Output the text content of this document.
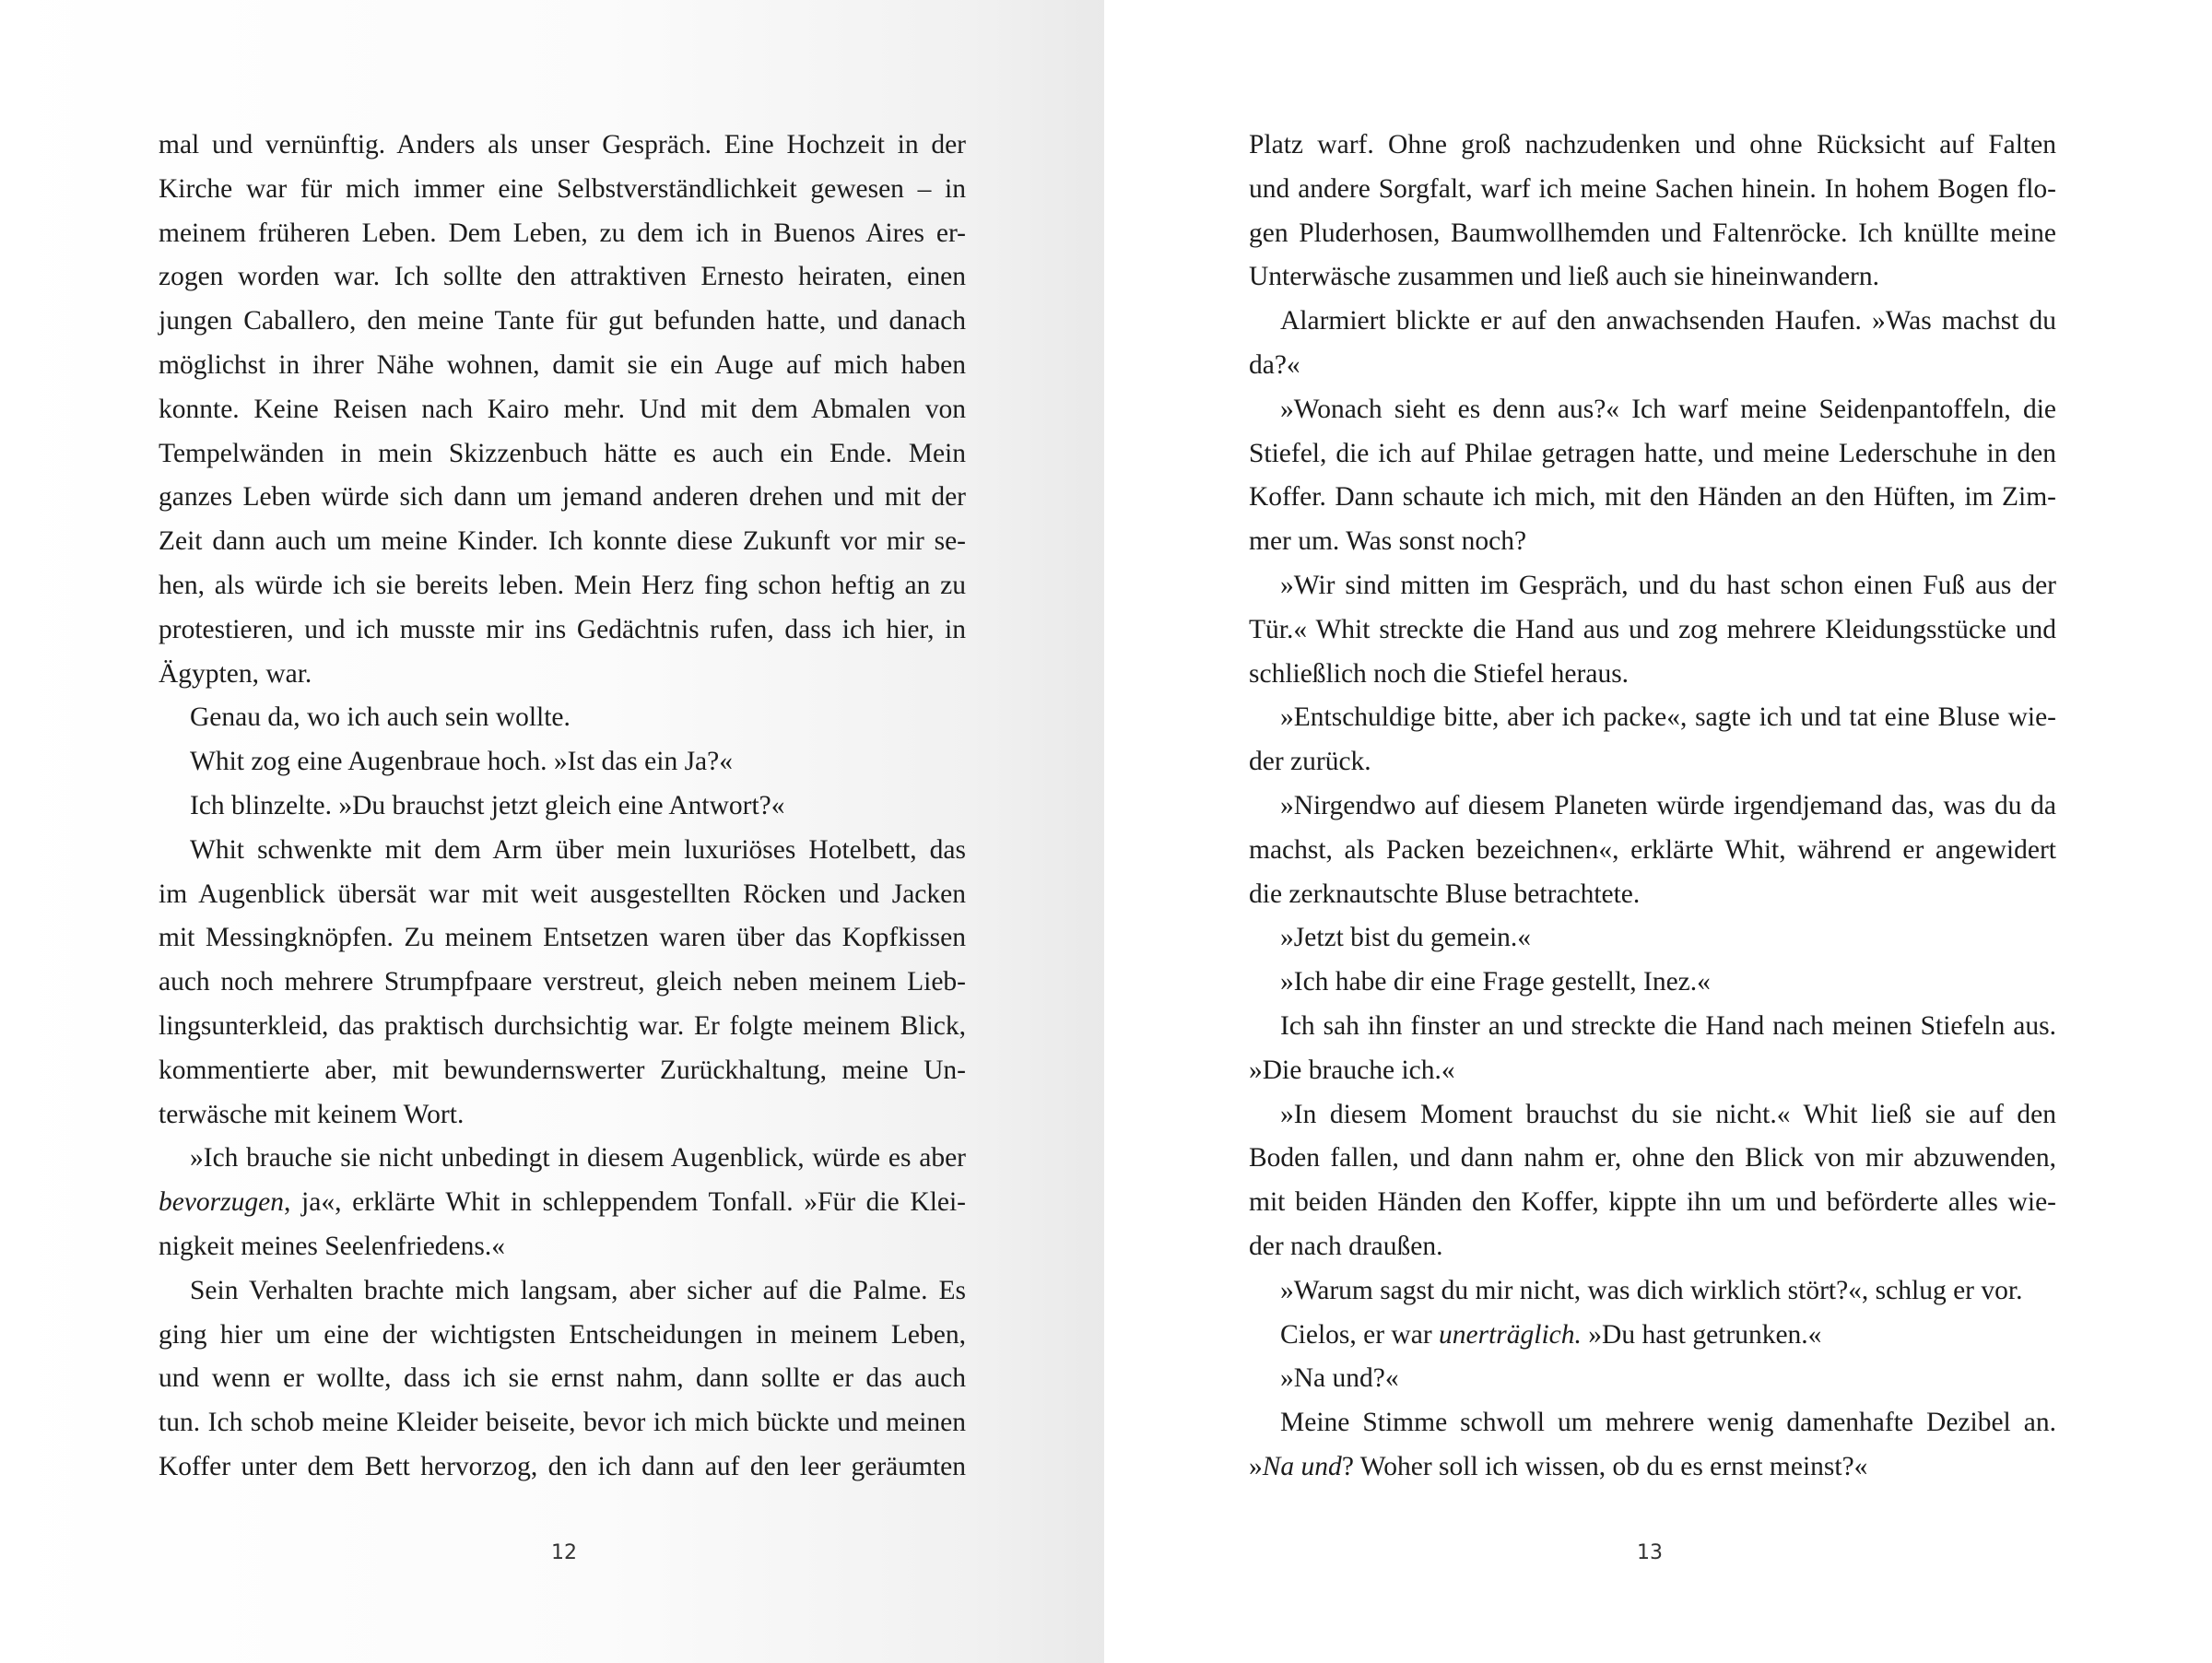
mal und vernünftig. Anders als unser Gespräch. Eine Hochzeit in der
Kirche war für mich immer eine Selbstverständlichkeit gewesen – in
meinem früheren Leben. Dem Leben, zu dem ich in Buenos Aires er-
zogen worden war. Ich sollte den attraktiven Ernesto heiraten, einen
jungen Caballero, den meine Tante für gut befunden hatte, und danach
möglichst in ihrer Nähe wohnen, damit sie ein Auge auf mich haben
konnte. Keine Reisen nach Kairo mehr. Und mit dem Abmalen von
Tempelwänden in mein Skizzenbuch hätte es auch ein Ende. Mein
ganzes Leben würde sich dann um jemand anderen drehen und mit der
Zeit dann auch um meine Kinder. Ich konnte diese Zukunft vor mir se-
hen, als würde ich sie bereits leben. Mein Herz fing schon heftig an zu
protestieren, und ich musste mir ins Gedächtnis rufen, dass ich hier, in
Ägypten, war.
Genau da, wo ich auch sein wollte.
Whit zog eine Augenbraue hoch. »Ist das ein Ja?«
Ich blinzelte. »Du brauchst jetzt gleich eine Antwort?«
Whit schwenkte mit dem Arm über mein luxuriöses Hotelbett, das
im Augenblick übersät war mit weit ausgestellten Röcken und Jacken
mit Messingknöpfen. Zu meinem Entsetzen waren über das Kopfkissen
auch noch mehrere Strumpfpaare verstreut, gleich neben meinem Lieb-
lingsunterkleid, das praktisch durchsichtig war. Er folgte meinem Blick,
kommentierte aber, mit bewundernswerter Zurückhaltung, meine Un-
terwäsche mit keinem Wort.
»Ich brauche sie nicht unbedingt in diesem Augenblick, würde es aber
bevorzugen, ja«, erklärte Whit in schleppendem Tonfall. »Für die Klei-
nigkeit meines Seelenfriedens.«
Sein Verhalten brachte mich langsam, aber sicher auf die Palme. Es
ging hier um eine der wichtigsten Entscheidungen in meinem Leben,
und wenn er wollte, dass ich sie ernst nahm, dann sollte er das auch
tun. Ich schob meine Kleider beiseite, bevor ich mich bückte und meinen
Koffer unter dem Bett hervorzog, den ich dann auf den leer geräumten
12
Platz warf. Ohne groß nachzudenken und ohne Rücksicht auf Falten
und andere Sorgfalt, warf ich meine Sachen hinein. In hohem Bogen flo-
gen Pluderhosen, Baumwollhemden und Faltenröcke. Ich knüllte meine
Unterwäsche zusammen und ließ auch sie hineinwandern.
Alarmiert blickte er auf den anwachsenden Haufen. »Was machst du
da?«
»Wonach sieht es denn aus?« Ich warf meine Seidenpantoffeln, die
Stiefel, die ich auf Philae getragen hatte, und meine Lederschuhe in den
Koffer. Dann schaute ich mich, mit den Händen an den Hüften, im Zim-
mer um. Was sonst noch?
»Wir sind mitten im Gespräch, und du hast schon einen Fuß aus der
Tür.« Whit streckte die Hand aus und zog mehrere Kleidungsstücke und
schließlich noch die Stiefel heraus.
»Entschuldige bitte, aber ich packe«, sagte ich und tat eine Bluse wie-
der zurück.
»Nirgendwo auf diesem Planeten würde irgendjemand das, was du da
machst, als Packen bezeichnen«, erklärte Whit, während er angewidert
die zerknautschte Bluse betrachtete.
»Jetzt bist du gemein.«
»Ich habe dir eine Frage gestellt, Inez.«
Ich sah ihn finster an und streckte die Hand nach meinen Stiefeln aus.
»Die brauche ich.«
»In diesem Moment brauchst du sie nicht.« Whit ließ sie auf den
Boden fallen, und dann nahm er, ohne den Blick von mir abzuwenden,
mit beiden Händen den Koffer, kippte ihn um und beförderte alles wie-
der nach draußen.
»Warum sagst du mir nicht, was dich wirklich stört?«, schlug er vor.
Cielos, er war unerträglich. »Du hast getrunken.«
»Na und?«
Meine Stimme schwoll um mehrere wenig damenhafte Dezibel an.
»Na und? Woher soll ich wissen, ob du es ernst meinst?«
13
